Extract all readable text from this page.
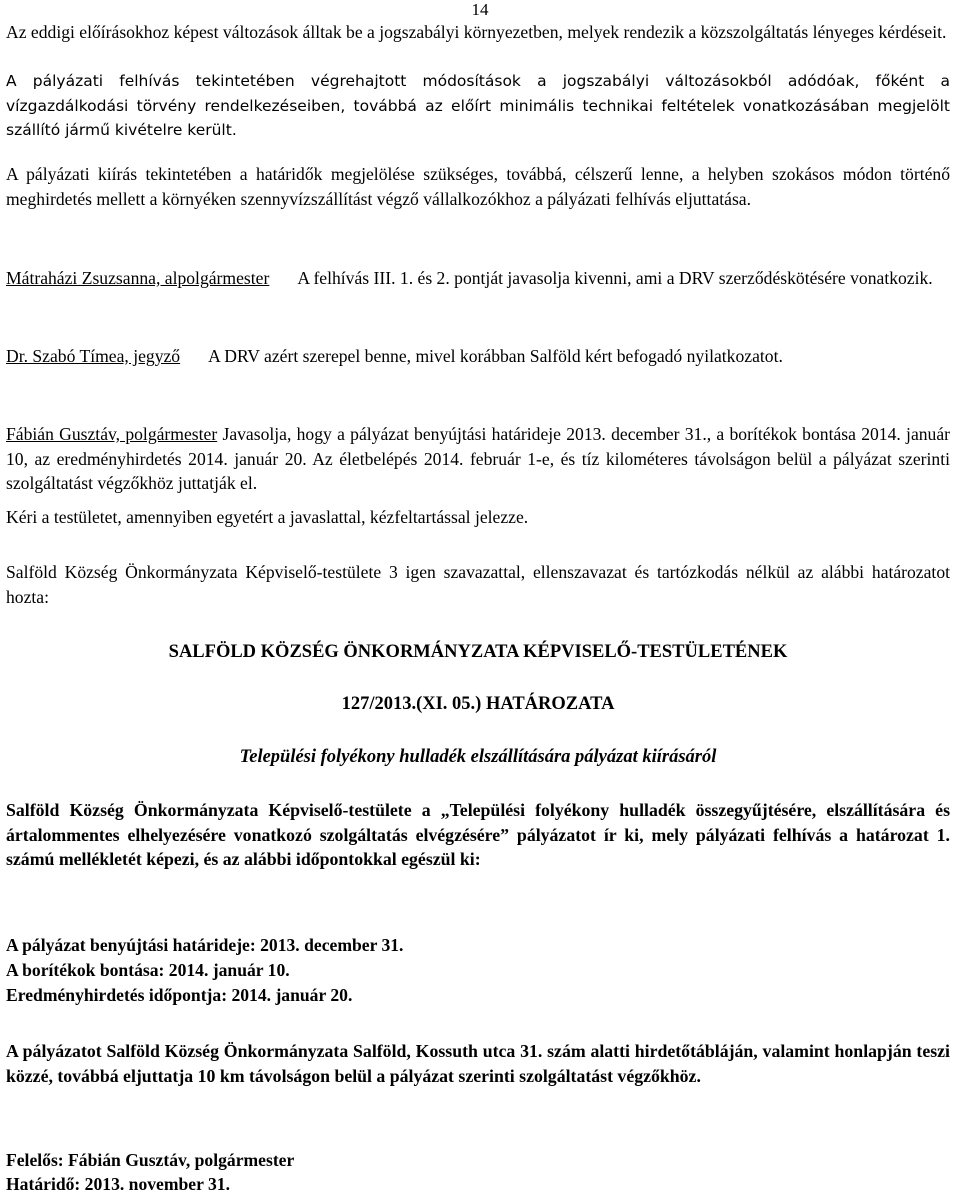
14

Az eddigi előírásokhoz képest változások álltak be a jogszabályi környezetben, melyek rendezik a közszolgáltatás lényeges kérdéseit.

A pályázati felhívás tekintetében végrehajtott módosítások a jogszabályi változásokból adódóak, főként a vízgazdálkodási törvény rendelkezéseiben, továbbá az előírt minimális technikai feltételek vonatkozásában megjelölt szállító jármű kivételre került.

A pályázati kiírás tekintetében a határidők megjelölése szükséges, továbbá, célszerű lenne, a helyben szokásos módon történő meghirdetés mellett a környéken szennyvízszállítást végző vállalkozókhoz a pályázati felhívás eljuttatása.

Mátraházi Zsuzsanna, alpolgármester A felhívás III. 1. és 2. pontját javasolja kivenni, ami a DRV szerződéskötésére vonatkozik.

Dr. Szabó Tímea, jegyző A DRV azért szerepel benne, mivel korábban Salföld kért befogadó nyilatkozatot.

Fábián Gusztáv, polgármester Javasolja, hogy a pályázat benyújtási határideje 2013. december 31., a borítékok bontása 2014. január 10, az eredményhirdetés 2014. január 20. Az életbelépés 2014. február 1-e, és tíz kilométeres távolságon belül a pályázat szerinti szolgáltatást végzőkhöz juttatják el.

Kéri a testületet, amennyiben egyetért a javaslattal, kézfeltartással jelezze.

Salföld Község Önkormányzata Képviselő-testülete 3 igen szavazattal, ellenszavazat és tartózkodás nélkül az alábbi határozatot hozta:

SALFÖLD KÖZSÉG ÖNKORMÁNYZATA KÉPVISELŐ-TESTÜLETÉNEK

127/2013.(XI. 05.) HATÁROZATA

Települési folyékony hulladék elszállítására pályázat kiírásáról

Salföld Község Önkormányzata Képviselő-testülete a „Települési folyékony hulladék összegyűjtésére, elszállítására és ártalommentes elhelyezésére vonatkozó szolgáltatás elvégzésére” pályázatot ír ki, mely pályázati felhívás a határozat 1. számú mellékletét képezi, és az alábbi időpontokkal egészül ki:

A pályázat benyújtási határideje: 2013. december 31.

A borítékok bontása: 2014. január 10.

Eredményhirdetés időpontja: 2014. január 20.

A pályázatot Salföld Község Önkormányzata Salföld, Kossuth utca 31. szám alatti hirdetőtábláján, valamint honlapján teszi közzé, továbbá eljuttatja 10 km távolságon belül a pályázat szerinti szolgáltatást végzőkhöz.

Felelős: Fábián Gusztáv, polgármester

Határidő: 2013. november 31.
